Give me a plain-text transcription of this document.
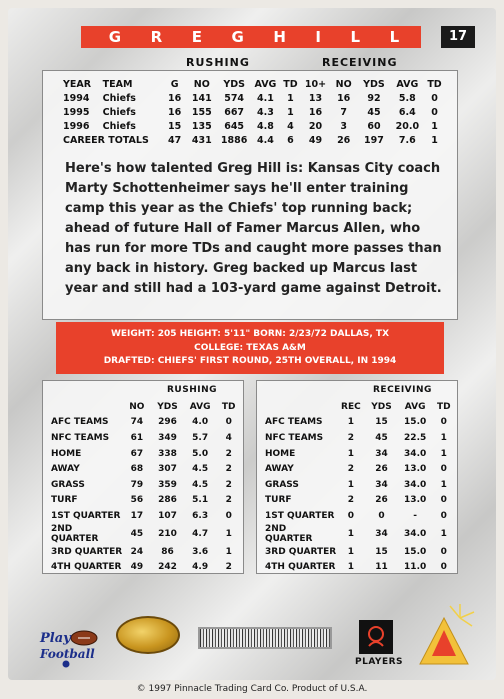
G R E G H I L L	17
RUSHING	RECEIVING
YEAR	TEAM	G	NO	YDS	AVG	TD	10+	NO	YDS	AVG	TD
1994	Chiefs	16	141	574	4.1	1	13	16	92	5.8	0
1995	Chiefs	16	155	667	4.3	1	16	7	45	6.4	0
1996	Chiefs	15	135	645	4.8	4	20	3	60	20.0	1
CAREER TOTALS		47	431	1886	4.4	6	49	26	197	7.6	1
Here's how talented Greg Hill is: Kansas City coach Marty Schottenheimer says he'll enter training camp this year as the Chiefs' top running back; ahead of future Hall of Famer Marcus Allen, who has run for more TDs and caught more passes than any back in history. Greg backed up Marcus last year and still had a 103-yard game against Detroit.
WEIGHT: 205 HEIGHT: 5'11" BORN: 2/23/72 DALLAS, TX
COLLEGE: TEXAS A&M
DRAFTED: CHIEFS' FIRST ROUND, 25TH OVERALL, IN 1994
RUSHING
	NO	YDS	AVG	TD
AFC TEAMS	74	296	4.0	0
NFC TEAMS	61	349	5.7	4
HOME	67	338	5.0	2
AWAY	68	307	4.5	2
GRASS	79	359	4.5	2
TURF	56	286	5.1	2
1ST QUARTER	17	107	6.3	0
2ND QUARTER	45	210	4.7	1
3RD QUARTER	24	86	3.6	1
4TH QUARTER	49	242	4.9	2
RECEIVING
	REC	YDS	AVG	TD
AFC TEAMS	1	15	15.0	0
NFC TEAMS	2	45	22.5	1
HOME	1	34	34.0	1
AWAY	2	26	13.0	0
GRASS	1	34	34.0	1
TURF	2	26	13.0	0
1ST QUARTER	0	0	-	0
2ND QUARTER	1	34	34.0	1
3RD QUARTER	1	15	15.0	0
4TH QUARTER	1	11	11.0	0
Play
Football
PLAYERS
© 1997 Pinnacle Trading Card Co. Product of U.S.A.
